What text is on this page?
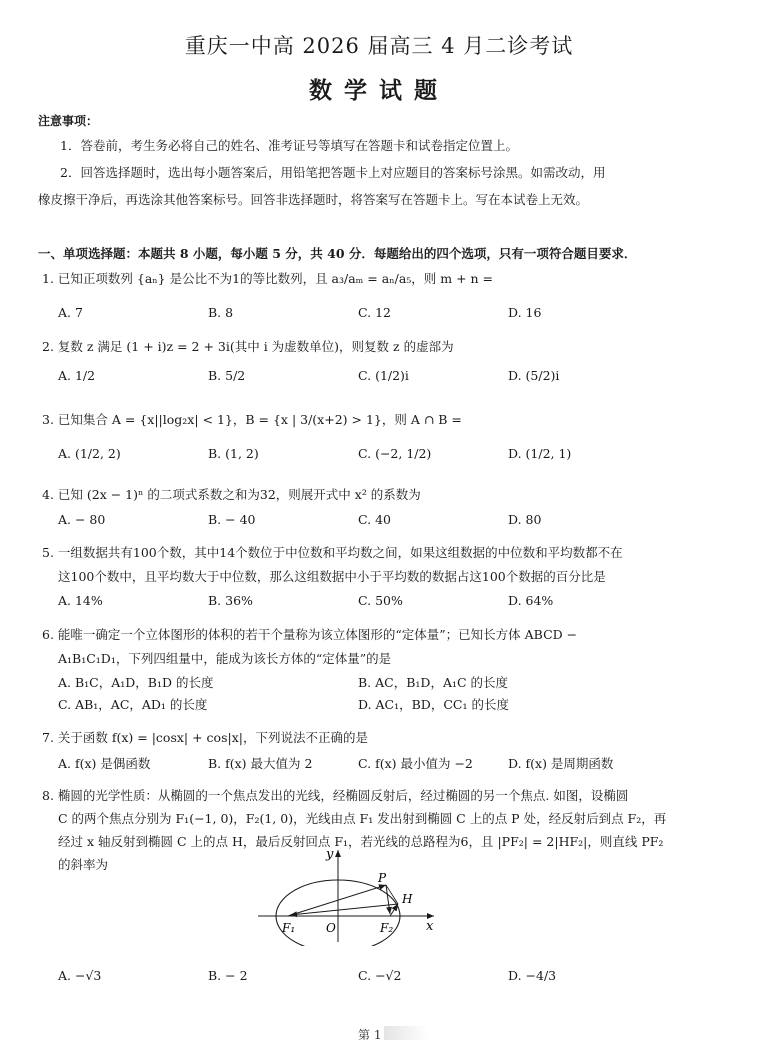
重庆一中高 2026 届高三 4 月二诊考试
数学试题
注意事项：
1．答卷前，考生务必将自己的姓名、准考证号等填写在答题卡和试卷指定位置上。
2．回答选择题时，选出每小题答案后，用铅笔把答题卡上对应题目的答案标号涂黑。如需改动，用
橡皮擦干净后，再选涂其他答案标号。回答非选择题时，将答案写在答题卡上。写在本试卷上无效。
一、单项选择题：本题共 8 小题，每小题 5 分，共 40 分．每题给出的四个选项，只有一项符合题目要求．
1. 已知正项数列 {aₙ} 是公比不为1的等比数列，且 a₃/aₘ = aₙ/a₅，则 m + n =
A. 7	B. 8	C. 12	D. 16
2. 复数 z 满足 (1 + i)z = 2 + 3i(其中 i 为虚数单位)，则复数 z 的虚部为
A. 1/2	B. 5/2	C. (1/2)i	D. (5/2)i
3. 已知集合 A = {x||log₂x| < 1}，B = {x | 3/(x+2) > 1}，则 A ∩ B =
A. (1/2, 2)	B. (1, 2)	C. (−2, 1/2)	D. (1/2, 1)
4. 已知 (2x − 1)ⁿ 的二项式系数之和为32，则展开式中 x² 的系数为
A. − 80	B. − 40	C. 40	D. 80
5. 一组数据共有100个数，其中14个数位于中位数和平均数之间，如果这组数据的中位数和平均数都不在
这100个数中，且平均数大于中位数，那么这组数据中小于平均数的数据占这100个数据的百分比是
A. 14%	B. 36%	C. 50%	D. 64%
6. 能唯一确定一个立体图形的体积的若干个量称为该立体图形的“定体量”；已知长方体 ABCD −
A₁B₁C₁D₁，下列四组量中，能成为该长方体的“定体量”的是
A. B₁C，A₁D，B₁D 的长度	B. AC，B₁D，A₁C 的长度
C. AB₁，AC，AD₁ 的长度	D. AC₁，BD，CC₁ 的长度
7. 关于函数 f(x) = |cosx| + cos|x|，下列说法不正确的是
A. f(x) 是偶函数	B. f(x) 最大值为 2	C. f(x) 最小值为 −2	D. f(x) 是周期函数
8. 椭圆的光学性质：从椭圆的一个焦点发出的光线，经椭圆反射后，经过椭圆的另一个焦点. 如图，设椭圆
C 的两个焦点分别为 F₁(−1, 0)，F₂(1, 0)，光线由点 F₁ 发出射到椭圆 C 上的点 P 处，经反射后到点 F₂，再
经过 x 轴反射到椭圆 C 上的点 H，最后反射回点 F₁，若光线的总路程为6，且 |PF₂| = 2|HF₂|，则直线 PF₂
的斜率为
y
x
P
H
O
F₁	F₂
A. −√3	B. − 2	C. −√2	D. −4/3
第 1
